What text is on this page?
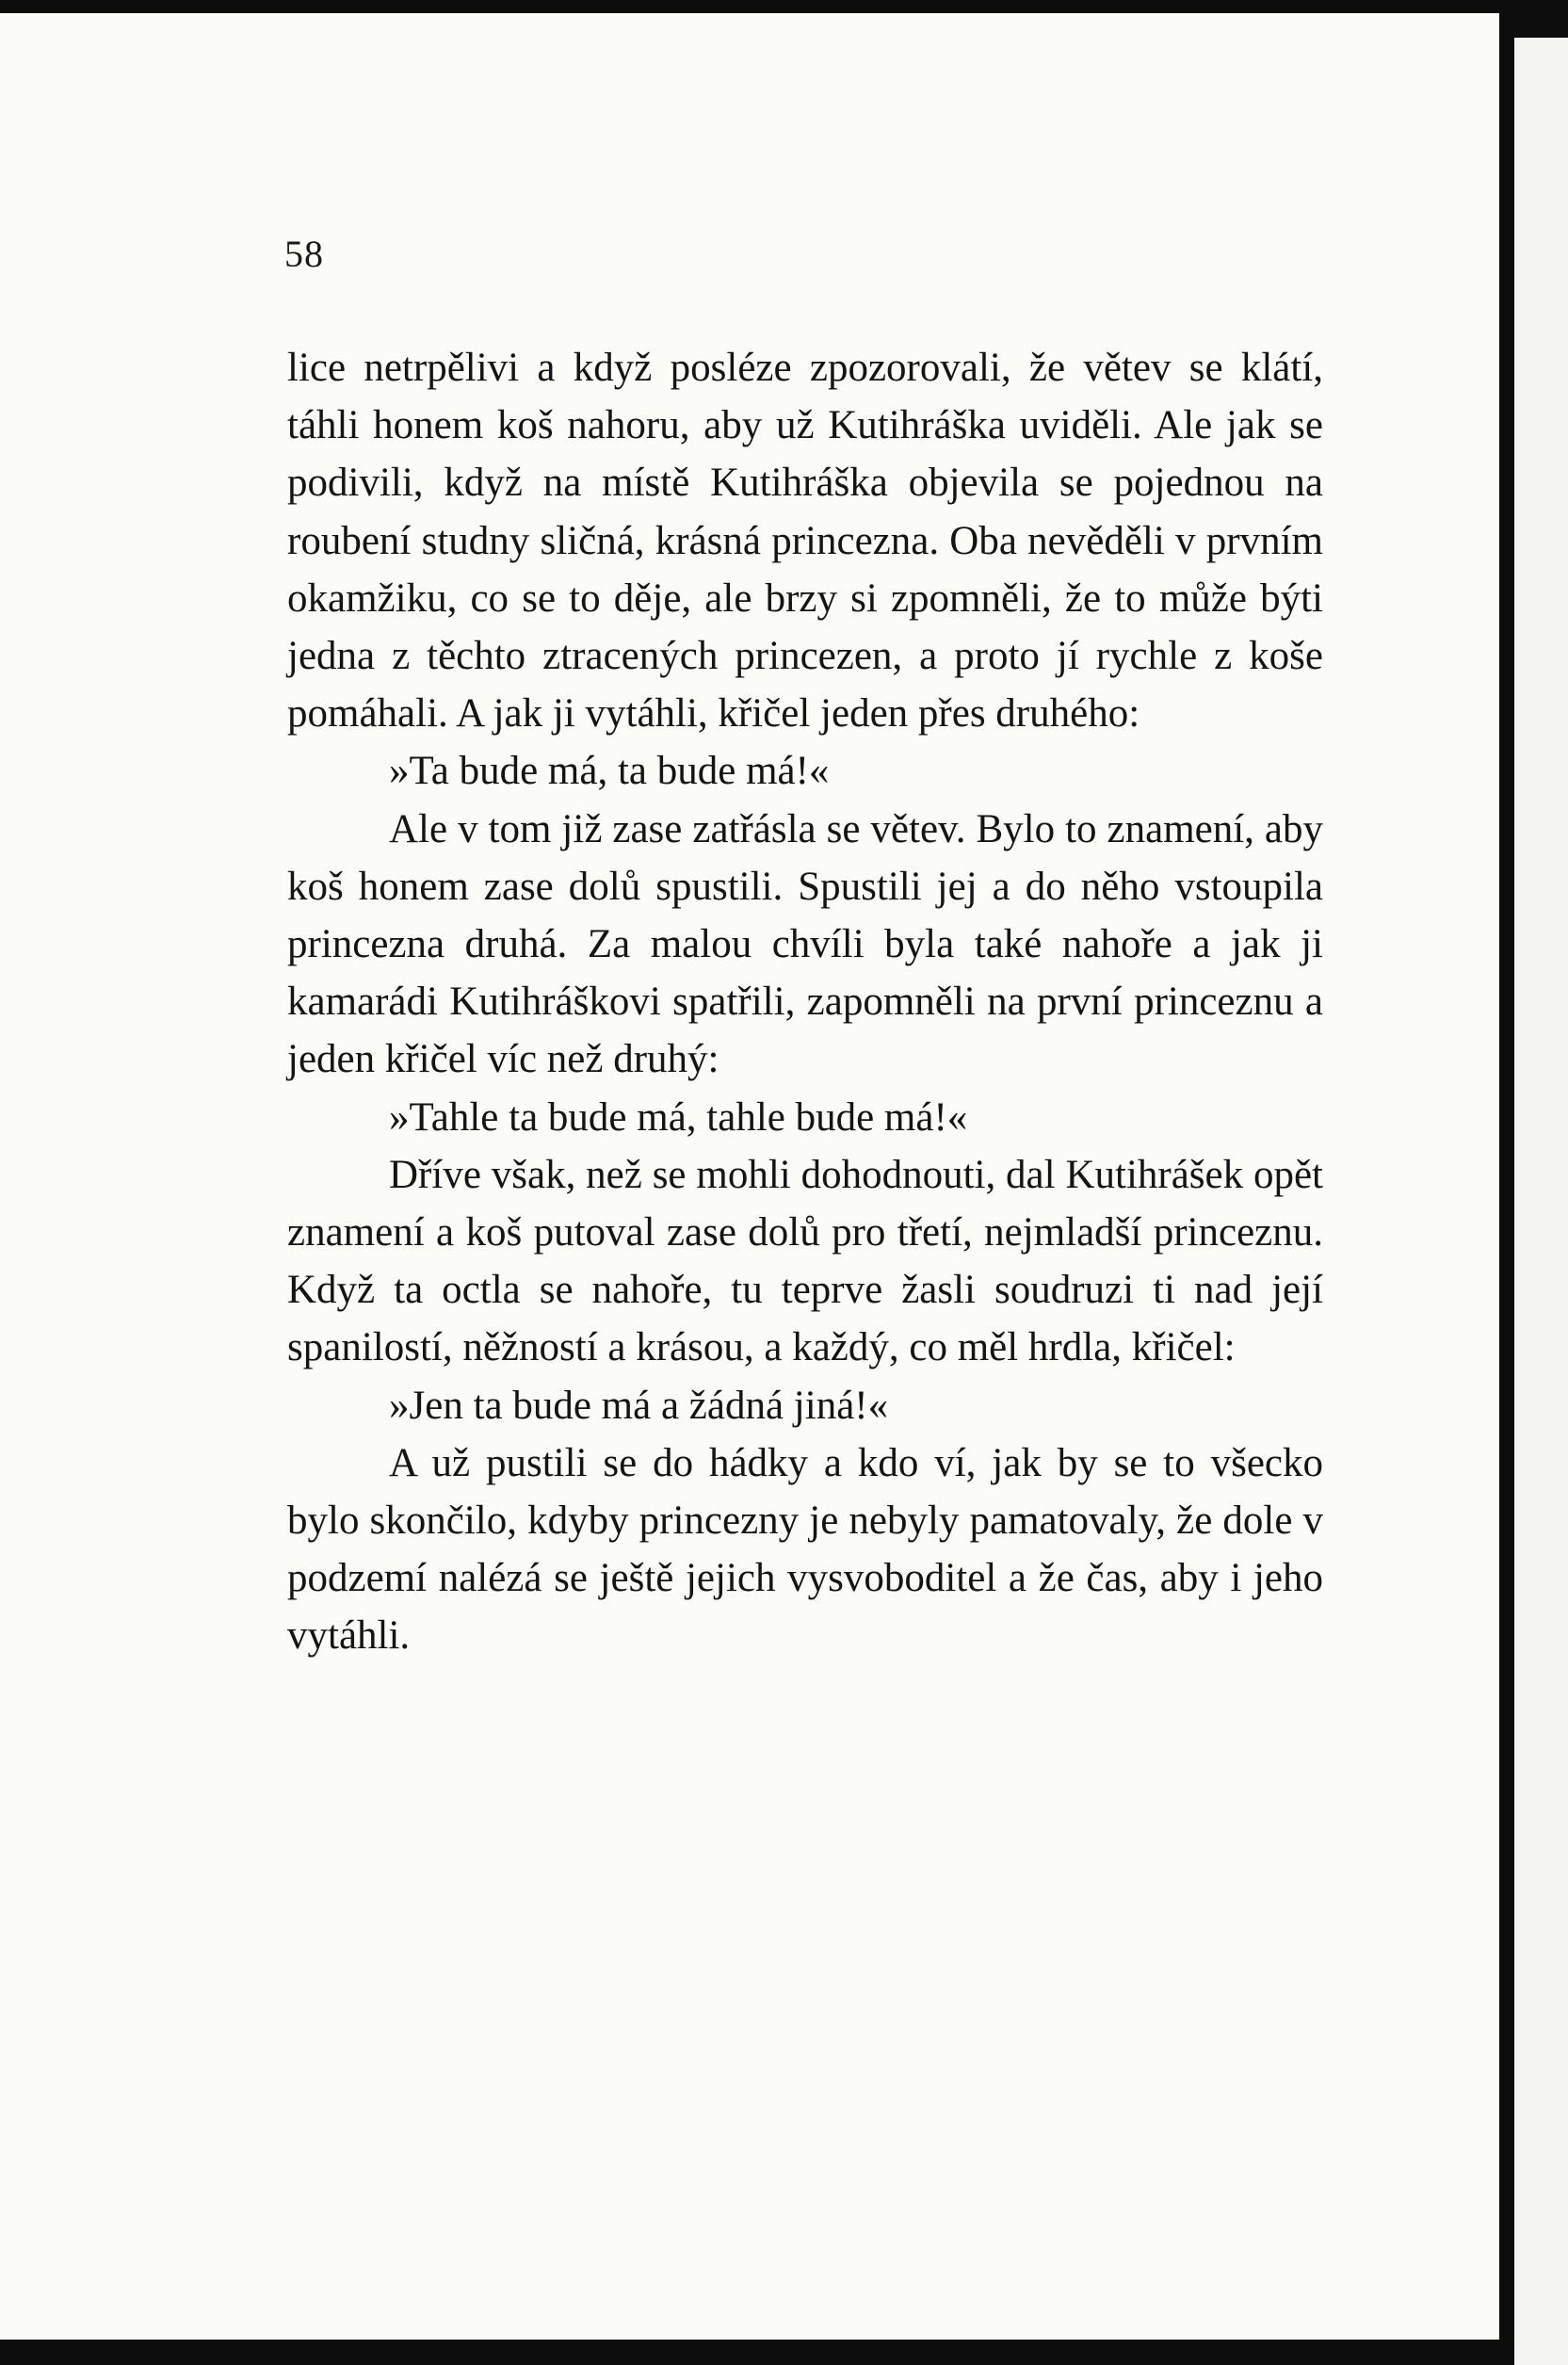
58

lice netrpělivi a když posléze zpozorovali, že větev se klátí, táhli honem koš nahoru, aby už Kutihráška uviděli. Ale jak se podivili, když na místě Kutihráška objevila se pojednou na roubení studny sličná, krásná princezna. Oba nevěděli v prvním okamžiku, co se to děje, ale brzy si zpomněli, že to může býti jedna z těchto ztracených princezen, a proto jí rychle z koše pomáhali. A jak ji vytáhli, křičel jeden přes druhého:

»Ta bude má, ta bude má!«

Ale v tom již zase zatřásla se větev. Bylo to znamení, aby koš honem zase dolů spustili. Spustili jej a do něho vstoupila princezna druhá. Za malou chvíli byla také nahoře a jak ji kamarádi Kutihráškovi spatřili, zapomněli na první princeznu a jeden křičel víc než druhý:

»Tahle ta bude má, tahle bude má!«

Dříve však, než se mohli dohodnouti, dal Kutihrášek opět znamení a koš putoval zase dolů pro třetí, nejmladší princeznu. Když ta octla se nahoře, tu teprve žasli soudruzi ti nad její spanilostí, něžností a krásou, a každý, co měl hrdla, křičel:

»Jen ta bude má a žádná jiná!«

A už pustili se do hádky a kdo ví, jak by se to všecko bylo skončilo, kdyby princezny je nebyly pamatovaly, že dole v podzemí nalézá se ještě jejich vysvoboditel a že čas, aby i jeho vytáhli.
